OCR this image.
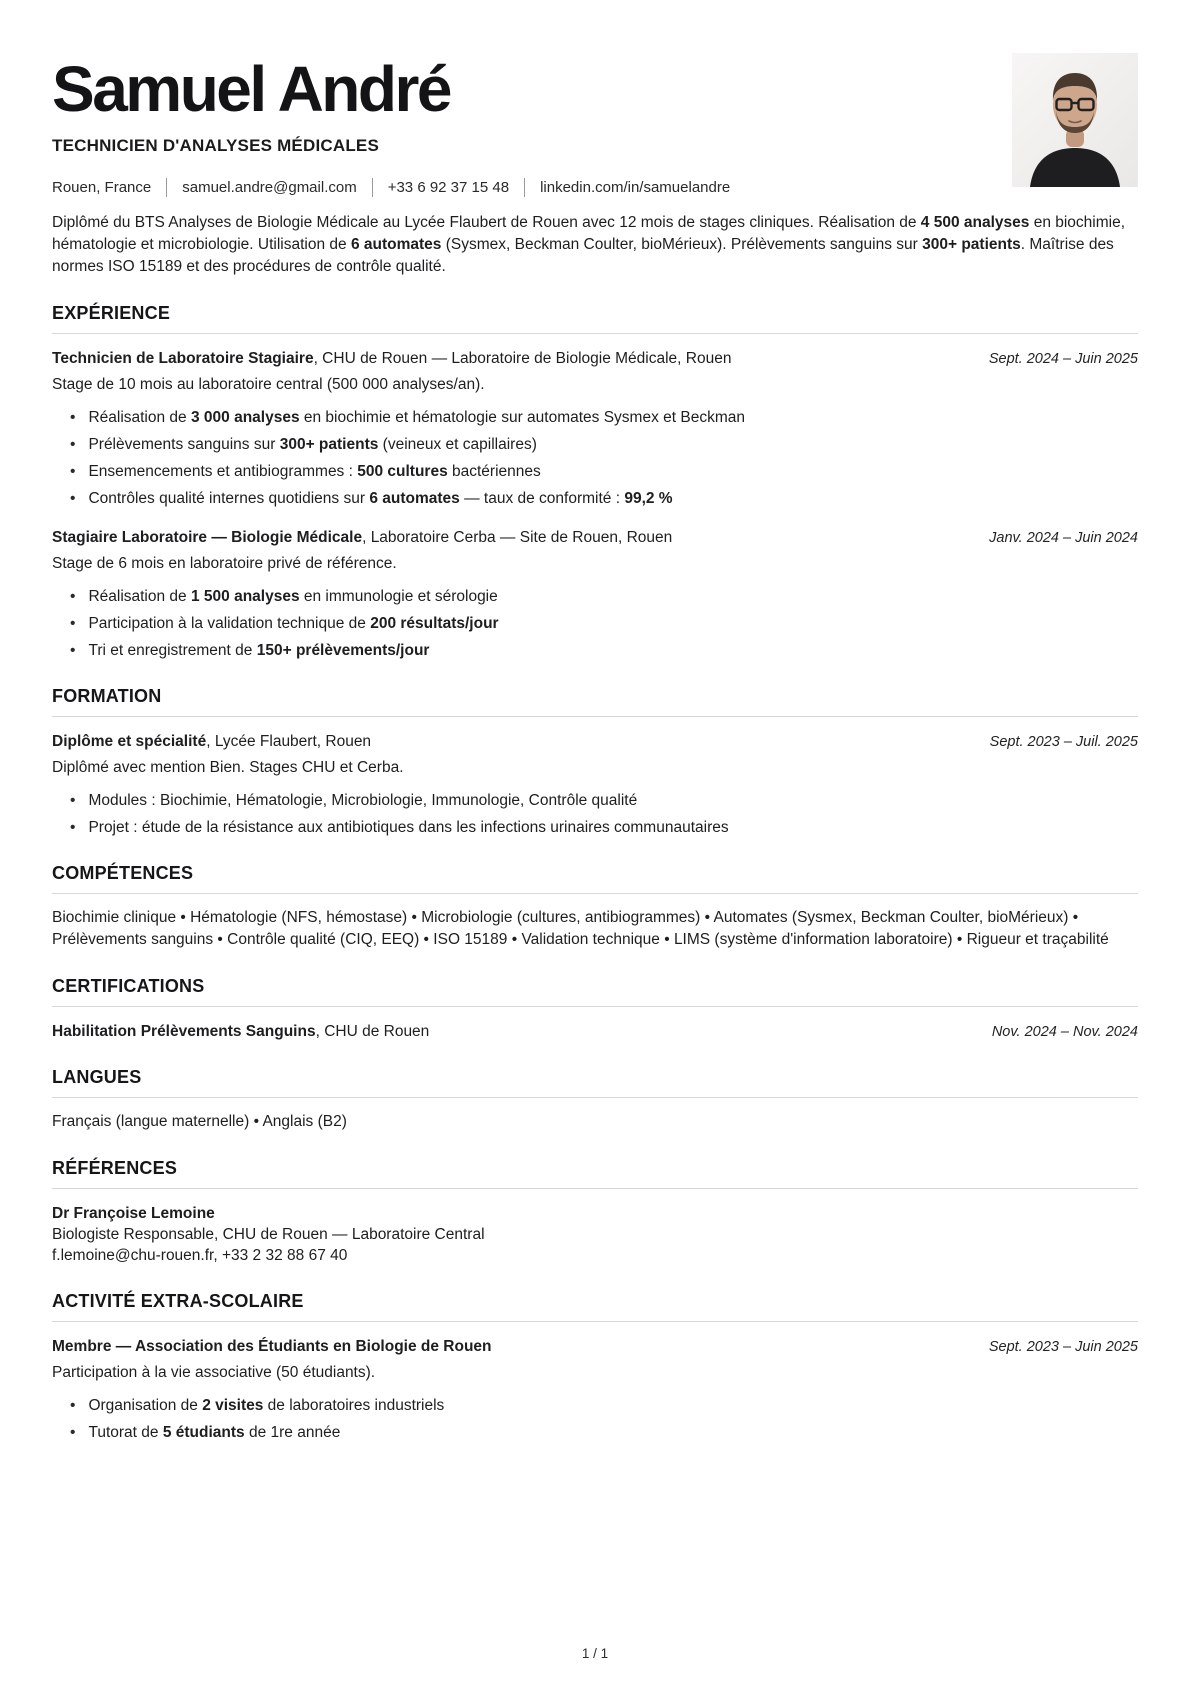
Samuel André
TECHNICIEN D'ANALYSES MÉDICALES
Rouen, France samuel.andre@gmail.com +33 6 92 37 15 48 linkedin.com/in/samuelandre

Diplômé du BTS Analyses de Biologie Médicale au Lycée Flaubert de Rouen avec 12 mois de stages cliniques. Réalisation de 4 500 analyses en biochimie, hématologie et microbiologie. Utilisation de 6 automates (Sysmex, Beckman Coulter, bioMérieux). Prélèvements sanguins sur 300+ patients. Maîtrise des normes ISO 15189 et des procédures de contrôle qualité.

EXPÉRIENCE
Technicien de Laboratoire Stagiaire, CHU de Rouen — Laboratoire de Biologie Médicale, Rouen	Sept. 2024 – Juin 2025
Stage de 10 mois au laboratoire central (500 000 analyses/an).
• Réalisation de 3 000 analyses en biochimie et hématologie sur automates Sysmex et Beckman
• Prélèvements sanguins sur 300+ patients (veineux et capillaires)
• Ensemencements et antibiogrammes : 500 cultures bactériennes
• Contrôles qualité internes quotidiens sur 6 automates — taux de conformité : 99,2 %
Stagiaire Laboratoire — Biologie Médicale, Laboratoire Cerba — Site de Rouen, Rouen	Janv. 2024 – Juin 2024
Stage de 6 mois en laboratoire privé de référence.
• Réalisation de 1 500 analyses en immunologie et sérologie
• Participation à la validation technique de 200 résultats/jour
• Tri et enregistrement de 150+ prélèvements/jour
FORMATION
Diplôme et spécialité, Lycée Flaubert, Rouen	Sept. 2023 – Juil. 2025
Diplômé avec mention Bien. Stages CHU et Cerba.
• Modules : Biochimie, Hématologie, Microbiologie, Immunologie, Contrôle qualité
• Projet : étude de la résistance aux antibiotiques dans les infections urinaires communautaires
COMPÉTENCES

Biochimie clinique • Hématologie (NFS, hémostase) • Microbiologie (cultures, antibiogrammes) • Automates (Sysmex, Beckman Coulter, bioMérieux) • Prélèvements sanguins • Contrôle qualité (CIQ, EEQ) • ISO 15189 • Validation technique • LIMS (système d'information laboratoire) • Rigueur et traçabilité

CERTIFICATIONS
Habilitation Prélèvements Sanguins, CHU de Rouen	Nov. 2024 – Nov. 2024
LANGUES

Français (langue maternelle) • Anglais (B2)

RÉFÉRENCES
Dr Françoise Lemoine
Biologiste Responsable, CHU de Rouen — Laboratoire Central
f.lemoine@chu-rouen.fr, +33 2 32 88 67 40
ACTIVITÉ EXTRA-SCOLAIRE
Membre — Association des Étudiants en Biologie de Rouen	Sept. 2023 – Juin 2025
Participation à la vie associative (50 étudiants).
• Organisation de 2 visites de laboratoires industriels
• Tutorat de 5 étudiants de 1re année
1 / 1
